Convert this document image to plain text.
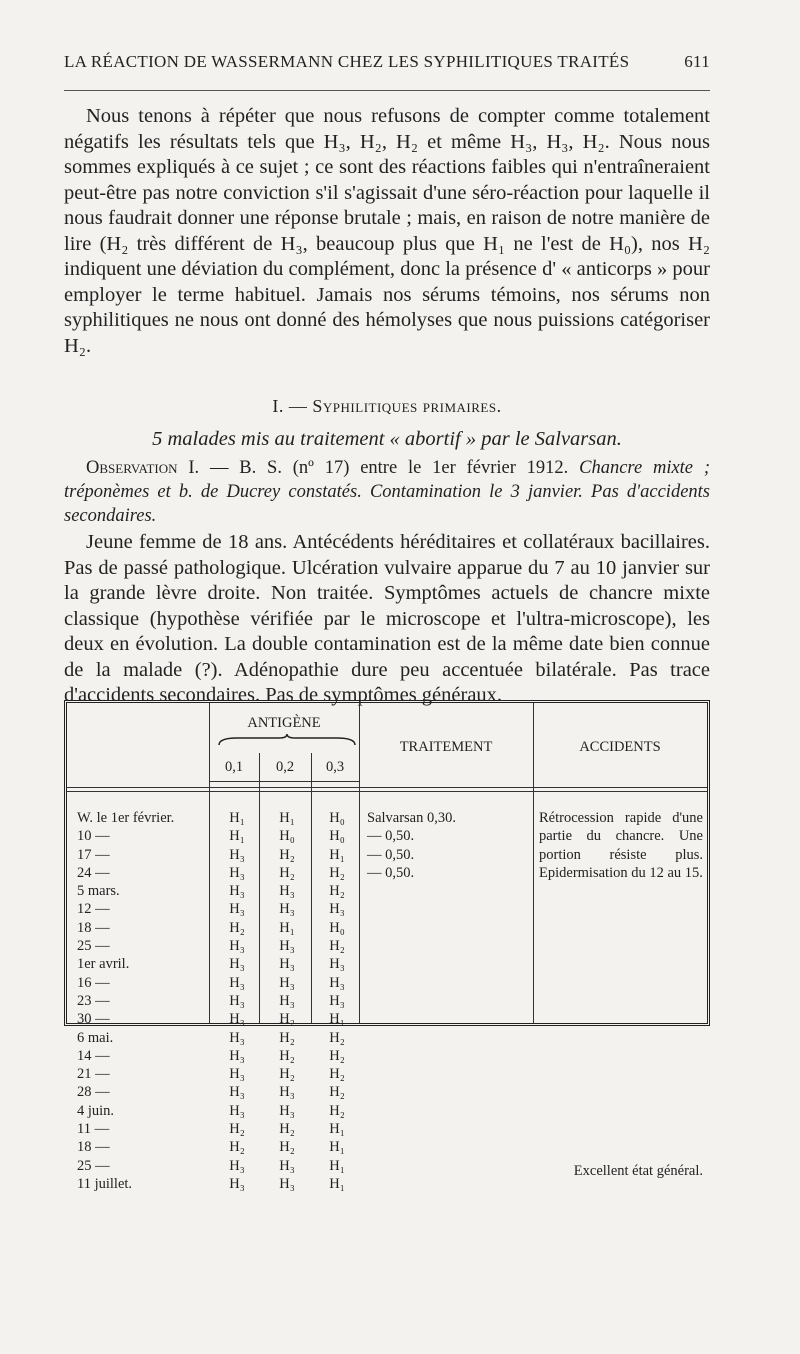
LA RÉACTION DE WASSERMANN CHEZ LES SYPHILITIQUES TRAITÉS	611

Nous tenons à répéter que nous refusons de compter comme totalement négatifs les résultats tels que H₃, H₂, H₂ et même H₃, H₃, H₂. Nous nous sommes expliqués à ce sujet ; ce sont des réactions faibles qui n'entraîneraient peut-être pas notre conviction s'il s'agissait d'une séro-réaction pour laquelle il nous faudrait donner une réponse brutale ; mais, en raison de notre manière de lire (H₂ très différent de H₃, beaucoup plus que H₁ ne l'est de H₀), nos H₂ indiquent une déviation du complément, donc la présence d' « anticorps » pour employer le terme habituel. Jamais nos sérums témoins, nos sérums non syphilitiques ne nous ont donné des hémolyses que nous puissions catégoriser H₂.

I. — Syphilitiques primaires.
5 malades mis au traitement « abortif » par le Salvarsan.
Observation I. — B. S. (nº 17) entre le 1er février 1912. Chancre mixte ; tréponèmes et b. de Ducrey constatés. Contamination le 3 janvier. Pas d'accidents secondaires.

Jeune femme de 18 ans. Antécédents héréditaires et collatéraux bacillaires. Pas de passé pathologique. Ulcération vulvaire apparue du 7 au 10 janvier sur la grande lèvre droite. Non traitée. Symptômes actuels de chancre mixte classique (hypothèse vérifiée par le microscope et l'ultra-microscope), les deux en évolution. La double contamination est de la même date bien connue de la malade (?). Adénopathie dure peu accentuée bilatérale. Pas trace d'accidents secondaires. Pas de symptômes généraux.

ANTIGÈNE
0,1	0,2	0,3
TRAITEMENT	ACCIDENTS
W. le 1er février.	H₁	H₁	H₀	Salvarsan 0,30.
10 —	H₁	H₀	H₀	— 0,50.
17 —	H₃	H₂	H₁	— 0,50.
24 —	H₃	H₂	H₂	— 0,50.
5 mars.	H₃	H₃	H₂
12 —	H₃	H₃	H₃
18 —	H₂	H₁	H₀
25 —	H₃	H₃	H₂
1er avril.	H₃	H₃	H₃
16 —	H₃	H₃	H₃
23 —	H₃	H₃	H₃
30 —	H₃	H₂	H₁
6 mai.	H₃	H₂	H₂
14 —	H₃	H₂	H₂
21 —	H₃	H₂	H₂
28 —	H₃	H₃	H₂
4 juin.	H₃	H₃	H₂
11 —	H₂	H₂	H₁
18 —	H₂	H₂	H₁
25 —	H₃	H₃	H₁
11 juillet.	H₃	H₃	H₁
Rétrocession rapide d'une partie du chancre. Une portion résiste plus. Epidermisation du 12 au 15.
Excellent état général.
